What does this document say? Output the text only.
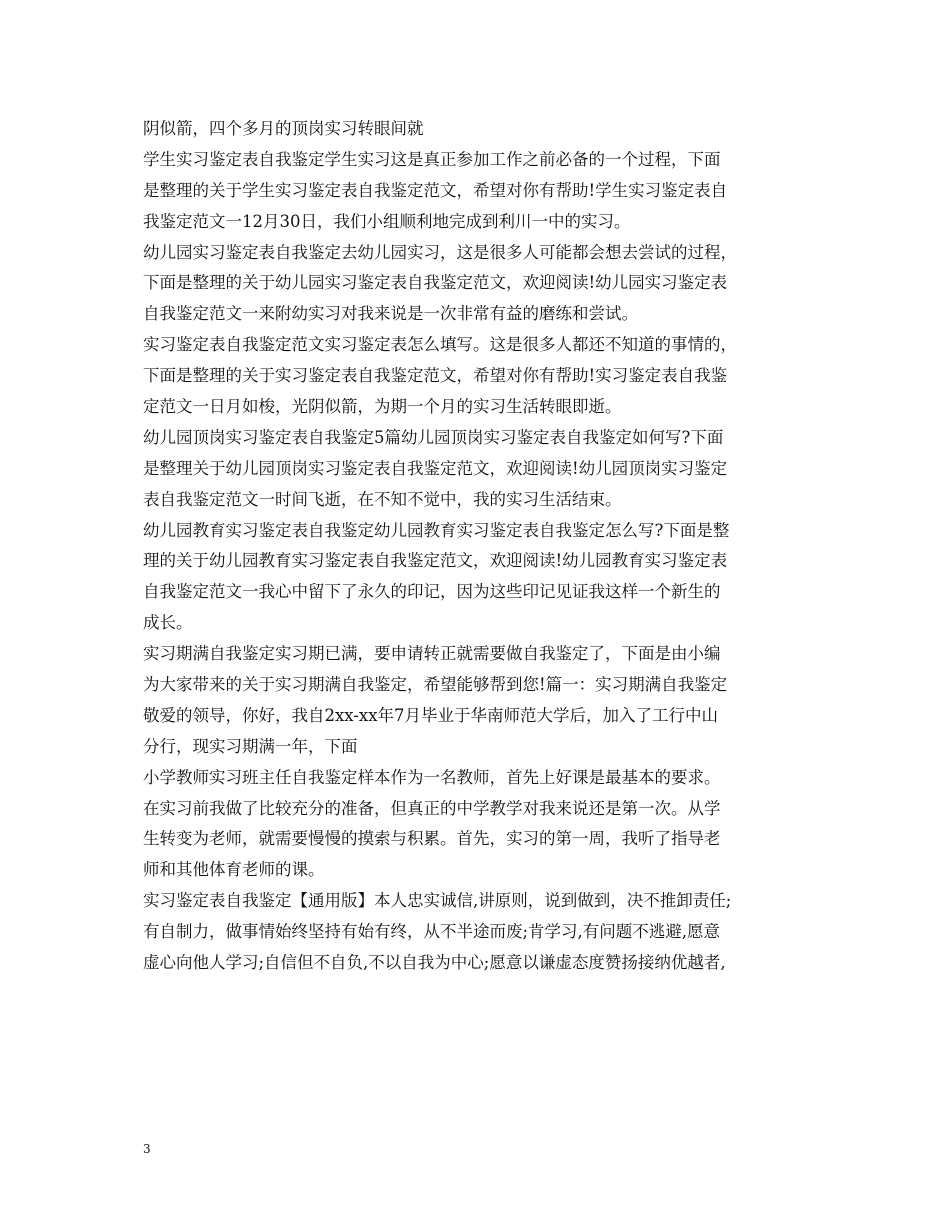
阴似箭，四个多月的顶岗实习转眼间就

学生实习鉴定表自我鉴定学生实习这是真正参加工作之前必备的一个过程，下面
是整理的关于学生实习鉴定表自我鉴定范文，希望对你有帮助!学生实习鉴定表自
我鉴定范文一12月30日，我们小组顺利地完成到利川一中的实习。

幼儿园实习鉴定表自我鉴定去幼儿园实习，这是很多人可能都会想去尝试的过程，
下面是整理的关于幼儿园实习鉴定表自我鉴定范文，欢迎阅读!幼儿园实习鉴定表
自我鉴定范文一来附幼实习对我来说是一次非常有益的磨练和尝试。

实习鉴定表自我鉴定范文实习鉴定表怎么填写。这是很多人都还不知道的事情的，
下面是整理的关于实习鉴定表自我鉴定范文，希望对你有帮助!实习鉴定表自我鉴
定范文一日月如梭，光阴似箭，为期一个月的实习生活转眼即逝。

幼儿园顶岗实习鉴定表自我鉴定5篇幼儿园顶岗实习鉴定表自我鉴定如何写?下面
是整理关于幼儿园顶岗实习鉴定表自我鉴定范文，欢迎阅读!幼儿园顶岗实习鉴定
表自我鉴定范文一时间飞逝，在不知不觉中，我的实习生活结束。

幼儿园教育实习鉴定表自我鉴定幼儿园教育实习鉴定表自我鉴定怎么写?下面是整
理的关于幼儿园教育实习鉴定表自我鉴定范文，欢迎阅读!幼儿园教育实习鉴定表
自我鉴定范文一我心中留下了永久的印记，因为这些印记见证我这样一个新生的
成长。

实习期满自我鉴定实习期已满，要申请转正就需要做自我鉴定了，下面是由小编
为大家带来的关于实习期满自我鉴定，希望能够帮到您!篇一：实习期满自我鉴定
敬爱的领导，你好，我自2xx-xx年7月毕业于华南师范大学后，加入了工行中山
分行，现实习期满一年，下面

小学教师实习班主任自我鉴定样本作为一名教师，首先上好课是最基本的要求。
在实习前我做了比较充分的准备，但真正的中学教学对我来说还是第一次。从学
生转变为老师，就需要慢慢的摸索与积累。首先，实习的第一周，我听了指导老
师和其他体育老师的课。

实习鉴定表自我鉴定【通用版】本人忠实诚信,讲原则，说到做到，决不推卸责任;
有自制力，做事情始终坚持有始有终，从不半途而废;肯学习,有问题不逃避,愿意
虚心向他人学习;自信但不自负,不以自我为中心;愿意以谦虚态度赞扬接纳优越者,

3
